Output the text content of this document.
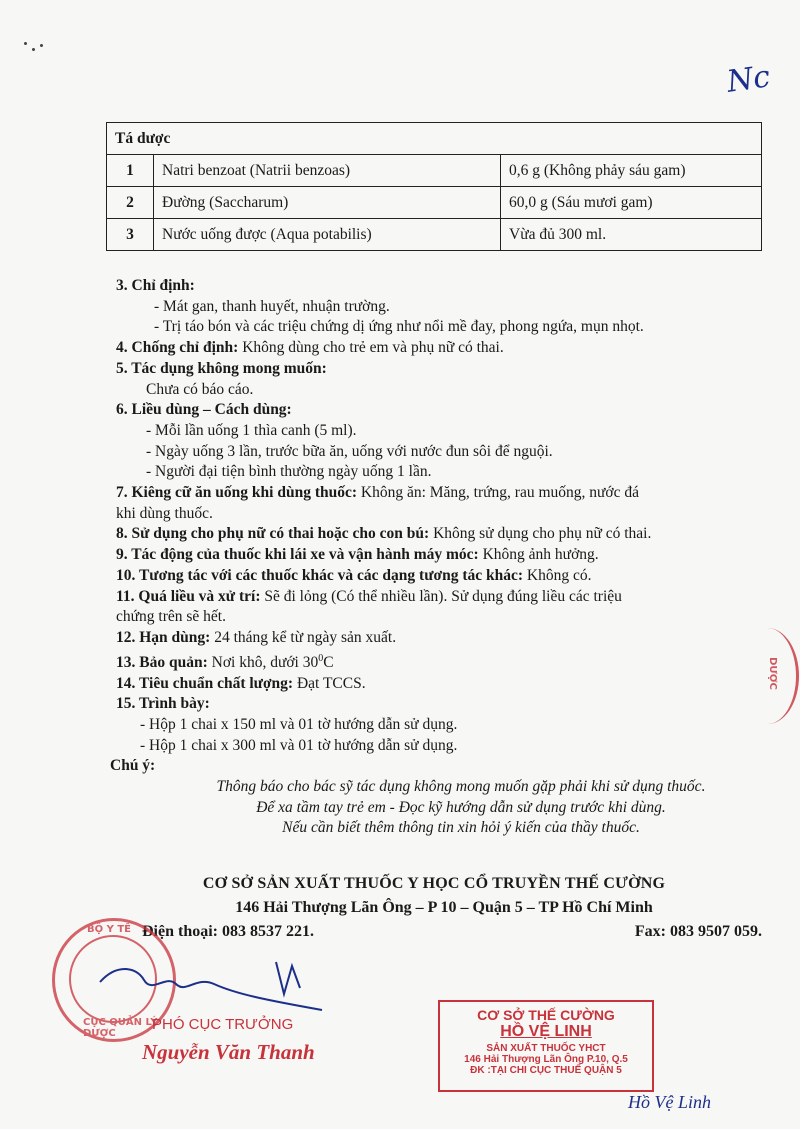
Nc
Tá dược		
1	Natri benzoat (Natrii benzoas)	0,6 g (Không phảy sáu gam)
2	Đường (Saccharum)	60,0 g (Sáu mươi gam)
3	Nước uống được (Aqua potabilis)	Vừa đủ 300 ml.
3. Chỉ định:
- Mát gan, thanh huyết, nhuận trường.
- Trị táo bón và các triệu chứng dị ứng như nổi mề đay, phong ngứa, mụn nhọt.
4. Chống chỉ định: Không dùng cho trẻ em và phụ nữ có thai.
5. Tác dụng không mong muốn:
Chưa có báo cáo.
6. Liều dùng – Cách dùng:
- Mỗi lần uống 1 thìa canh (5 ml).
- Ngày uống 3 lần, trước bữa ăn, uống với nước đun sôi để nguội.
- Người đại tiện bình thường ngày uống 1 lần.
7. Kiêng cữ ăn uống khi dùng thuốc: Không ăn: Măng, trứng, rau muống, nước đá
khi dùng thuốc.
8. Sử dụng cho phụ nữ có thai hoặc cho con bú: Không sử dụng cho phụ nữ có thai.
9. Tác động của thuốc khi lái xe và vận hành máy móc: Không ảnh hưởng.
10. Tương tác với các thuốc khác và các dạng tương tác khác: Không có.
11. Quá liều và xử trí: Sẽ đi lỏng (Có thể nhiều lần). Sử dụng đúng liều các triệu
chứng trên sẽ hết.
12. Hạn dùng: 24 tháng kể từ ngày sản xuất.
13. Bảo quản: Nơi khô, dưới $30^0C$
14. Tiêu chuẩn chất lượng: Đạt TCCS.
15. Trình bày:
- Hộp 1 chai x 150 ml và 01 tờ hướng dẫn sử dụng.
- Hộp 1 chai x 300 ml và 01 tờ hướng dẫn sử dụng.
Chú ý:
Thông báo cho bác sỹ tác dụng không mong muốn gặp phải khi sử dụng thuốc.
Để xa tầm tay trẻ em - Đọc kỹ hướng dẫn sử dụng trước khi dùng.
Nếu cần biết thêm thông tin xin hỏi ý kiến của thầy thuốc.
CƠ SỞ SẢN XUẤT THUỐC Y HỌC CỔ TRUYỀN THẾ CƯỜNG
146 Hải Thượng Lãn Ông – P 10 – Quận 5 – TP Hồ Chí Minh
Điện thoại: 083 8537 221.	Fax: 083 9507 059.
BỘ Y TẾ
CỤC QUẢN LÝ DƯỢC
PHÓ CỤC TRƯỞNG
Nguyễn Văn Thanh
CƠ SỞ THẾ CƯỜNG
HỒ VỆ LINH
SẢN XUẤT THUỐC YHCT
146 Hải Thượng Lãn Ông P.10, Q.5
ĐK :TẠI CHI CỤC THUẾ QUẬN 5
Hồ Vệ Linh
DƯỢC
